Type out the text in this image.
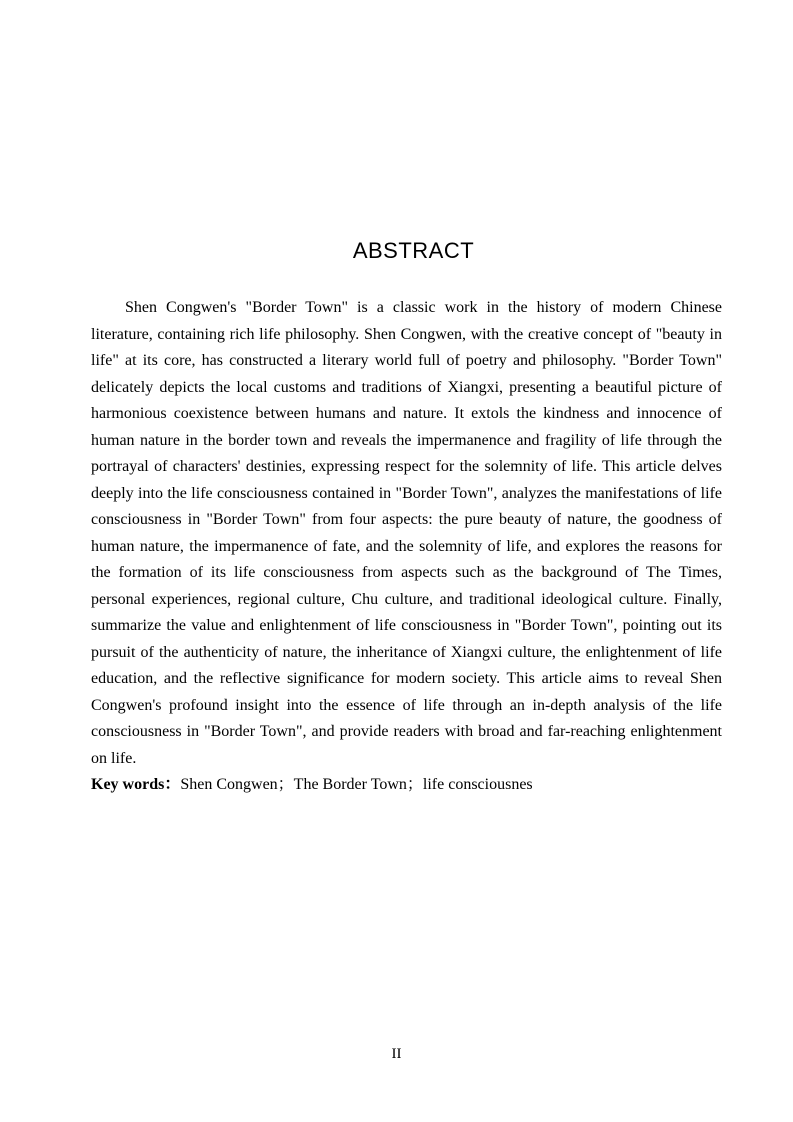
ABSTRACT

Shen Congwen's "Border Town" is a classic work in the history of modern Chinese literature, containing rich life philosophy. Shen Congwen, with the creative concept of "beauty in life" at its core, has constructed a literary world full of poetry and philosophy. "Border Town" delicately depicts the local customs and traditions of Xiangxi, presenting a beautiful picture of harmonious coexistence between humans and nature. It extols the kindness and innocence of human nature in the border town and reveals the impermanence and fragility of life through the portrayal of characters' destinies, expressing respect for the solemnity of life. This article delves deeply into the life consciousness contained in "Border Town", analyzes the manifestations of life consciousness in "Border Town" from four aspects: the pure beauty of nature, the goodness of human nature, the impermanence of fate, and the solemnity of life, and explores the reasons for the formation of its life consciousness from aspects such as the background of The Times, personal experiences, regional culture, Chu culture, and traditional ideological culture. Finally, summarize the value and enlightenment of life consciousness in "Border Town", pointing out its pursuit of the authenticity of nature, the inheritance of Xiangxi culture, the enlightenment of life education, and the reflective significance for modern society. This article aims to reveal Shen Congwen's profound insight into the essence of life through an in-depth analysis of the life consciousness in "Border Town", and provide readers with broad and far-reaching enlightenment on life.

Key words：Shen Congwen；The Border Town；life consciousnes

II
